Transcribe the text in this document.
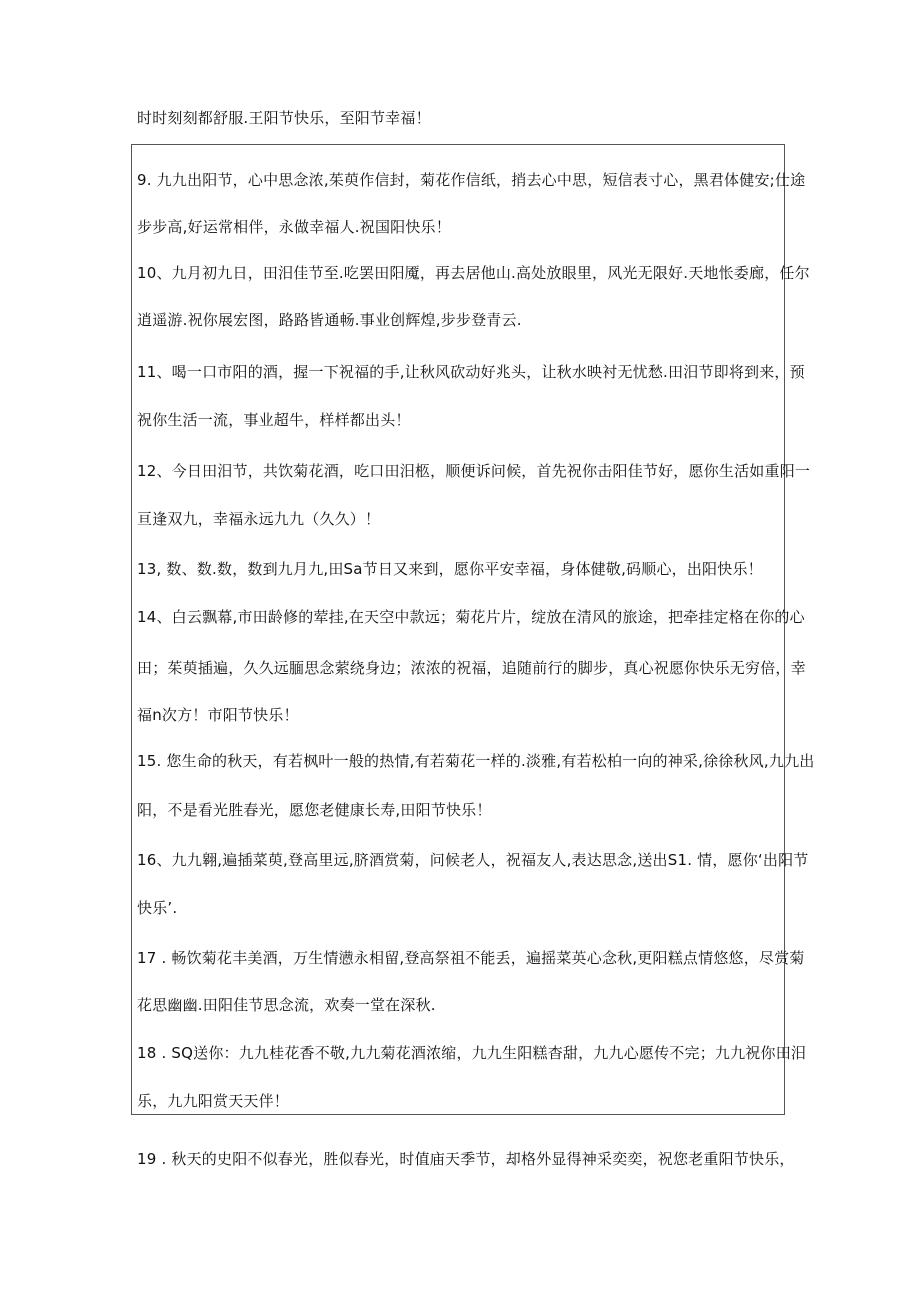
时时刻刻都舒服.王阳节快乐，至阳节幸福！
9. 九九出阳节，心中思念浓,茱萸作信封，菊花作信纸，捎去心中思，短信表寸心，黑君体健安;仕途
步步高,好运常相伴，永做幸福人.祝国阳快乐！
10、九月初九日，田汨佳节至.吃罢田阳魇，再去居他山.高处放眼里，风光无限好.天地怅委廊，任尔
逍遥游.祝你展宏图，路路皆通畅.事业创辉煌,步步登青云.
11、喝一口市阳的酒，握一下祝福的手,让秋风砍动好兆头，让秋水映衬无忧愁.田汨节即将到来，预
祝你生活一流，事业超牛，样样都出头！
12、今日田汨节，共饮菊花酒，吃口田汨柩，顺便诉问候，首先祝你击阳佳节好，愿你生活如重阳一
亘逢双九，幸福永远九九（久久）！
13, 数、数.数，数到九月九,田Sa节日又来到，愿你平安幸福，身体健敬,码顺心，出阳快乐！
14、白云飘幕,市田龄修的荤挂,在天空中款远；菊花片片，绽放在清风的旅途，把牵挂定格在你的心
田；茱萸插遍，久久远腼思念萦绕身边；浓浓的祝福，追随前行的脚步，真心祝愿你快乐无穷倍，幸
福n次方！市阳节快乐！
15. 您生命的秋天，有若枫叶一般的热情,有若菊花一样的.淡雅,有若松柏一向的神采,徐徐秋风,九九出
阳，不是看光胜春光，愿您老健康长寿,田阳节快乐！
16、九九翱,遍插菜萸,登高里远,脐酒赏菊，问候老人，祝福友人,表达思念,送出S1. 情，愿你‘出阳节
快乐’.
17 . 畅饮菊花丰美酒，万生情懑永相留,登高祭祖不能丢，遍摇菜英心念秋,更阳糕点情悠悠，尽赏菊
花思幽幽.田阳佳节思念流，欢奏一堂在深秋.
18 . SQ送你：九九桂花香不敬,九九菊花酒浓缩，九九生阳糕杳甜，九九心愿传不完；九九祝你田汨
乐，九九阳赏天天伴！
19 . 秋天的史阳不似春光，胜似春光，时值庙天季节，却格外显得神采奕奕，祝您老重阳节快乐，
